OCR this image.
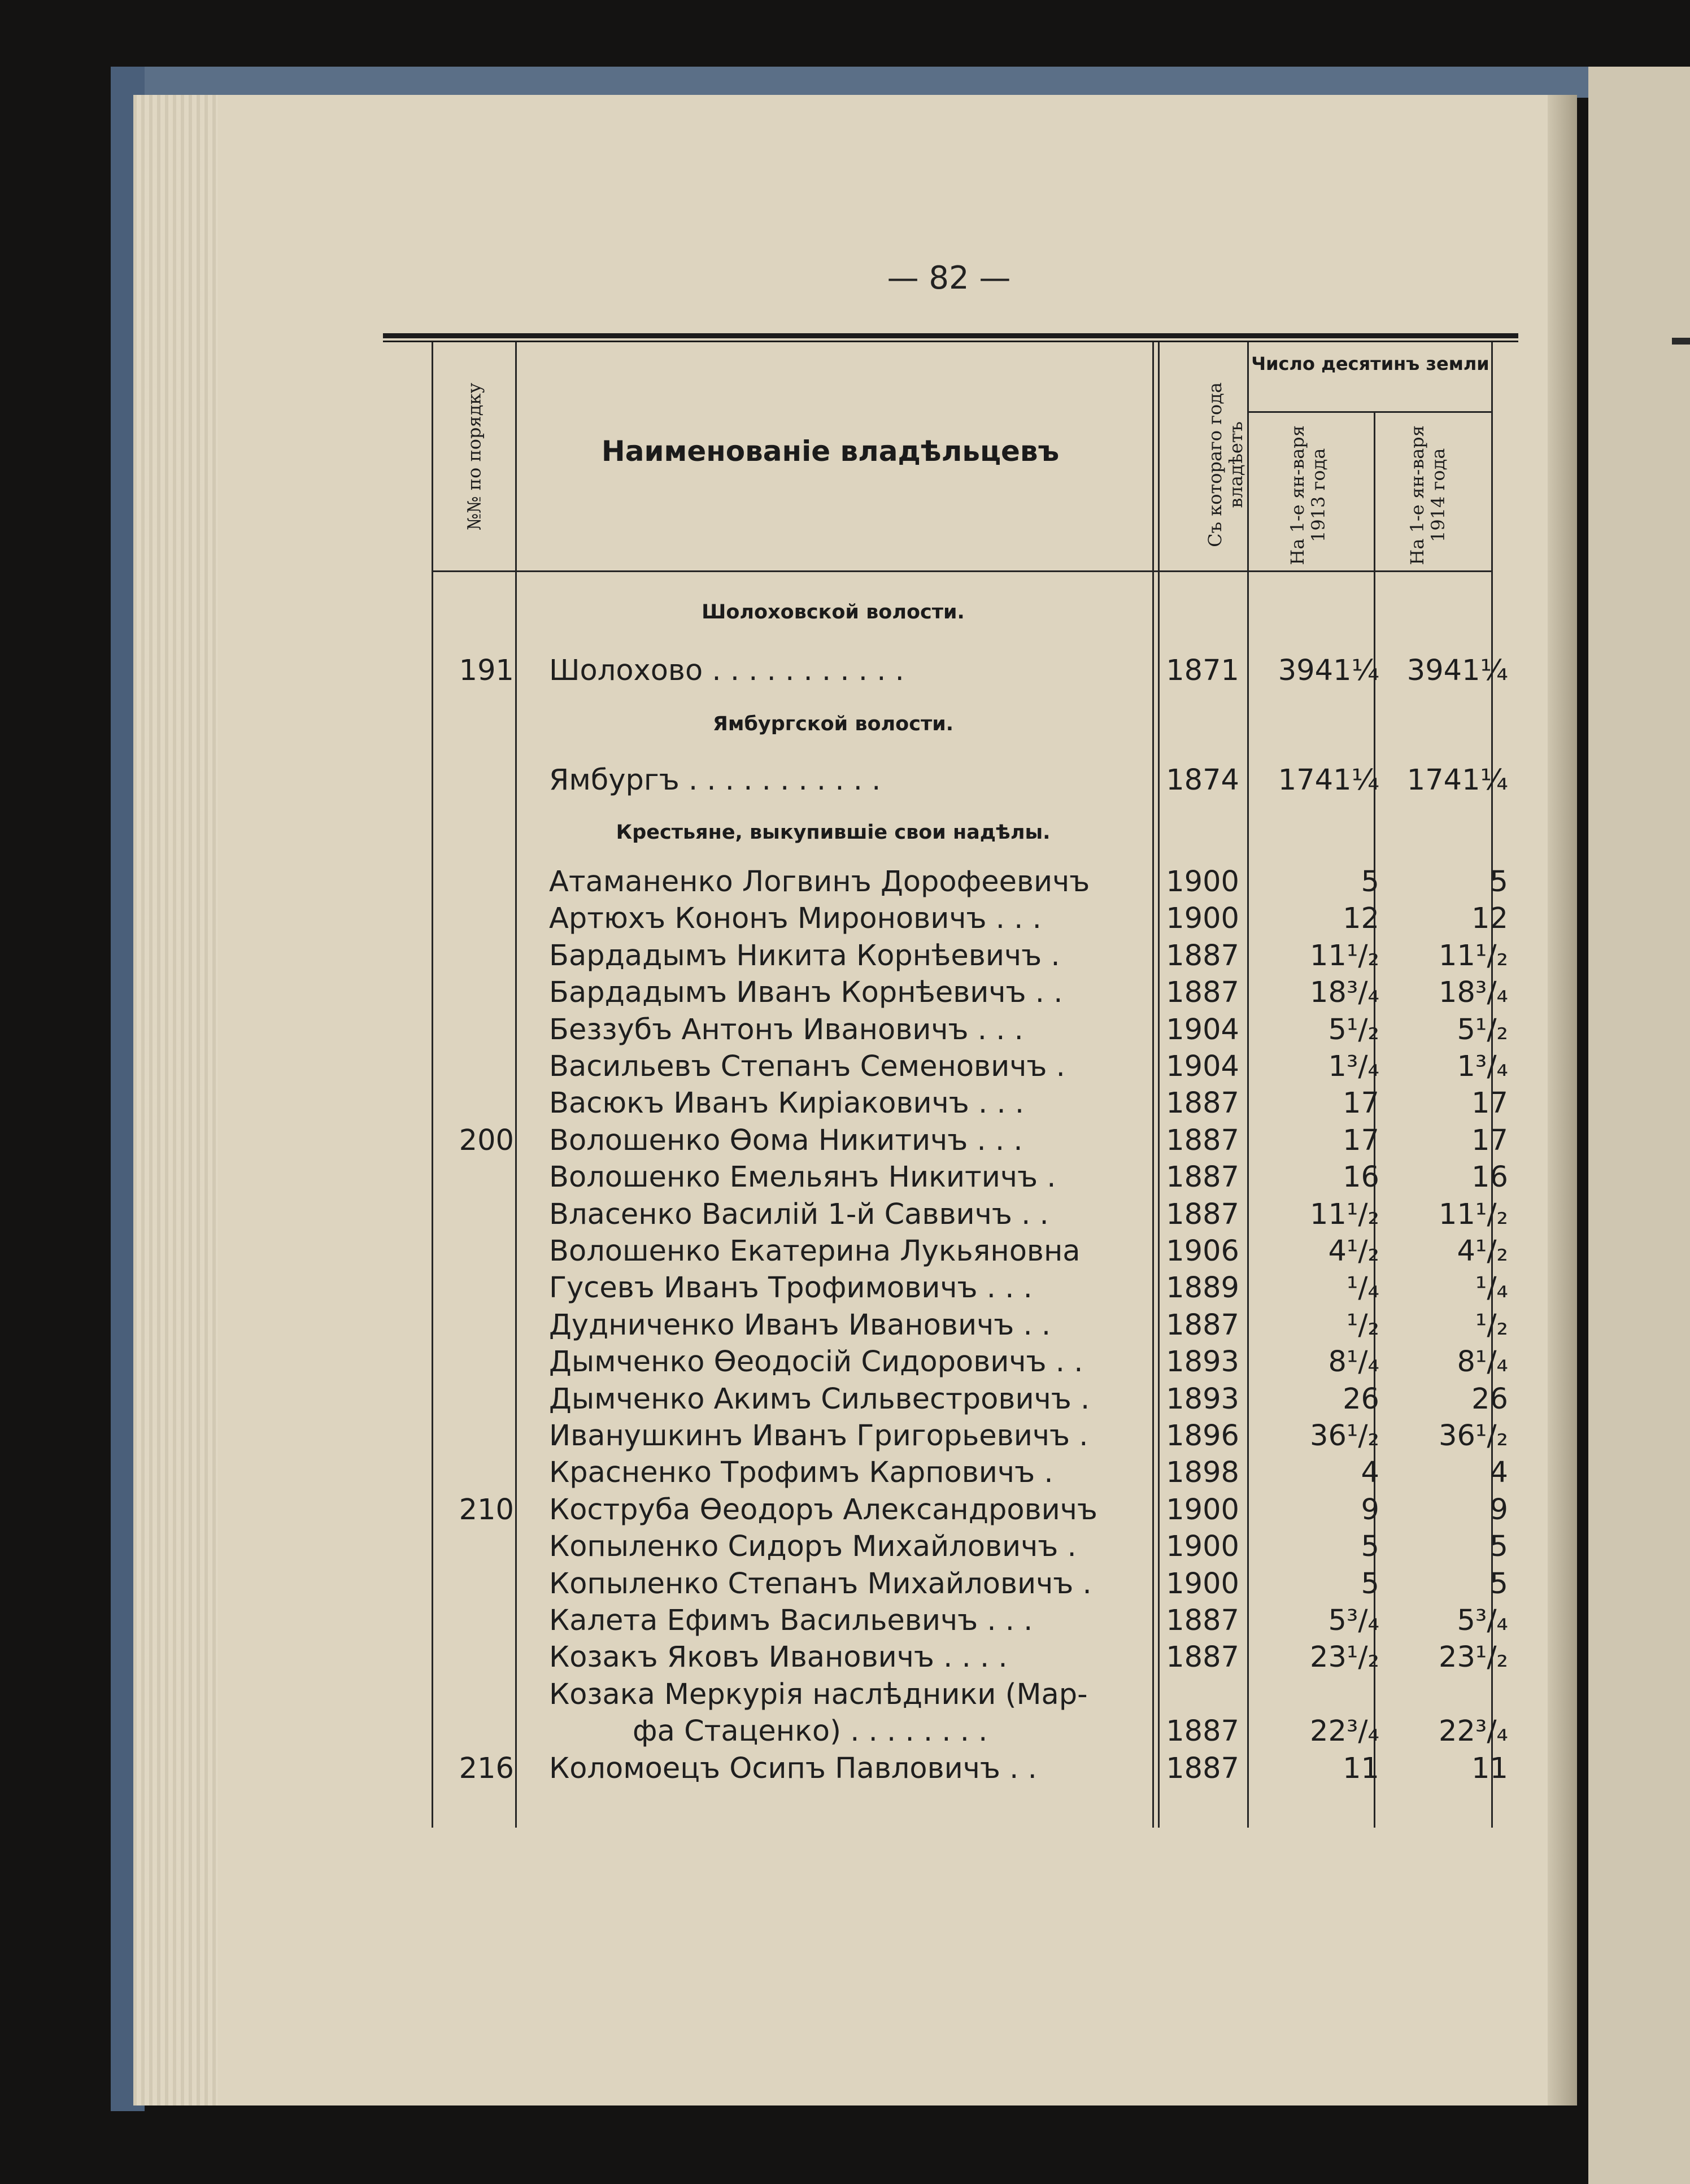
— 82 —
№№ по порядку	Наименованіе владѣльцевъ	Съ котораго года владѣетъ
Число десятинъ земли
На 1-е ян-варя 1913 года	На 1-е ян-варя 1914 года
Шолоховской волости.
Ямбургской волости.
Крестьяне, выкупившіе свои надѣлы.
191 Шолохово . . . . . . . . . . .	1871	3941¼ 3941¼
Ямбургъ . . . . . . . . . . .	1874	1741¼ 1741¼
Атаманенко Логвинъ Дорофеевичъ	1900	5	5
Артюхъ Кононъ Мироновичъ . . .	1900	12	12
Бардадымъ Никита Корнѣевичъ .	1887	11¹/₂	11¹/₂
Бардадымъ Иванъ Корнѣевичъ . .	1887	18³/₄	18³/₄
Беззубъ Антонъ Ивановичъ . . .	1904	5¹/₂	5¹/₂
Васильевъ Степанъ Семеновичъ .	1904	1³/₄	1³/₄
Васюкъ Иванъ Киріаковичъ . . .	1887	17	17
200 Волошенко Ѳома Никитичъ . . .	1887	17	17
Волошенко Емельянъ Никитичъ .	1887	16	16
Власенко Василій 1-й Саввичъ . .	1887	11¹/₂	11¹/₂
Волошенко Екатерина Лукьяновна	1906	4¹/₂	4¹/₂
Гусевъ Иванъ Трофимовичъ . . .	1889	¹/₄	¹/₄
Дудниченко Иванъ Ивановичъ . .	1887	¹/₂	¹/₂
Дымченко Ѳеодосій Сидоровичъ . .	1893	8¹/₄	8¹/₄
Дымченко Акимъ Сильвестровичъ .	1893	26	26
Иванушкинъ Иванъ Григорьевичъ .	1896	36¹/₂	36¹/₂
Красненко Трофимъ Карповичъ .	1898	4	4
210 Коструба Ѳеодоръ Александровичъ	1900	9	9
Копыленко Сидоръ Михайловичъ .	1900	5	5
Копыленко Степанъ Михайловичъ .	1900	5	5
Калета Ефимъ Васильевичъ . . .	1887	5³/₄	5³/₄
Козакъ Яковъ Ивановичъ . . . .	1887	23¹/₂	23¹/₂
Козака Меркурія наслѣдники (Мар-
фа Стаценко) . . . . . . . .	1887	22³/₄	22³/₄
216 Коломоецъ Осипъ Павловичъ . .	1887	11	11
